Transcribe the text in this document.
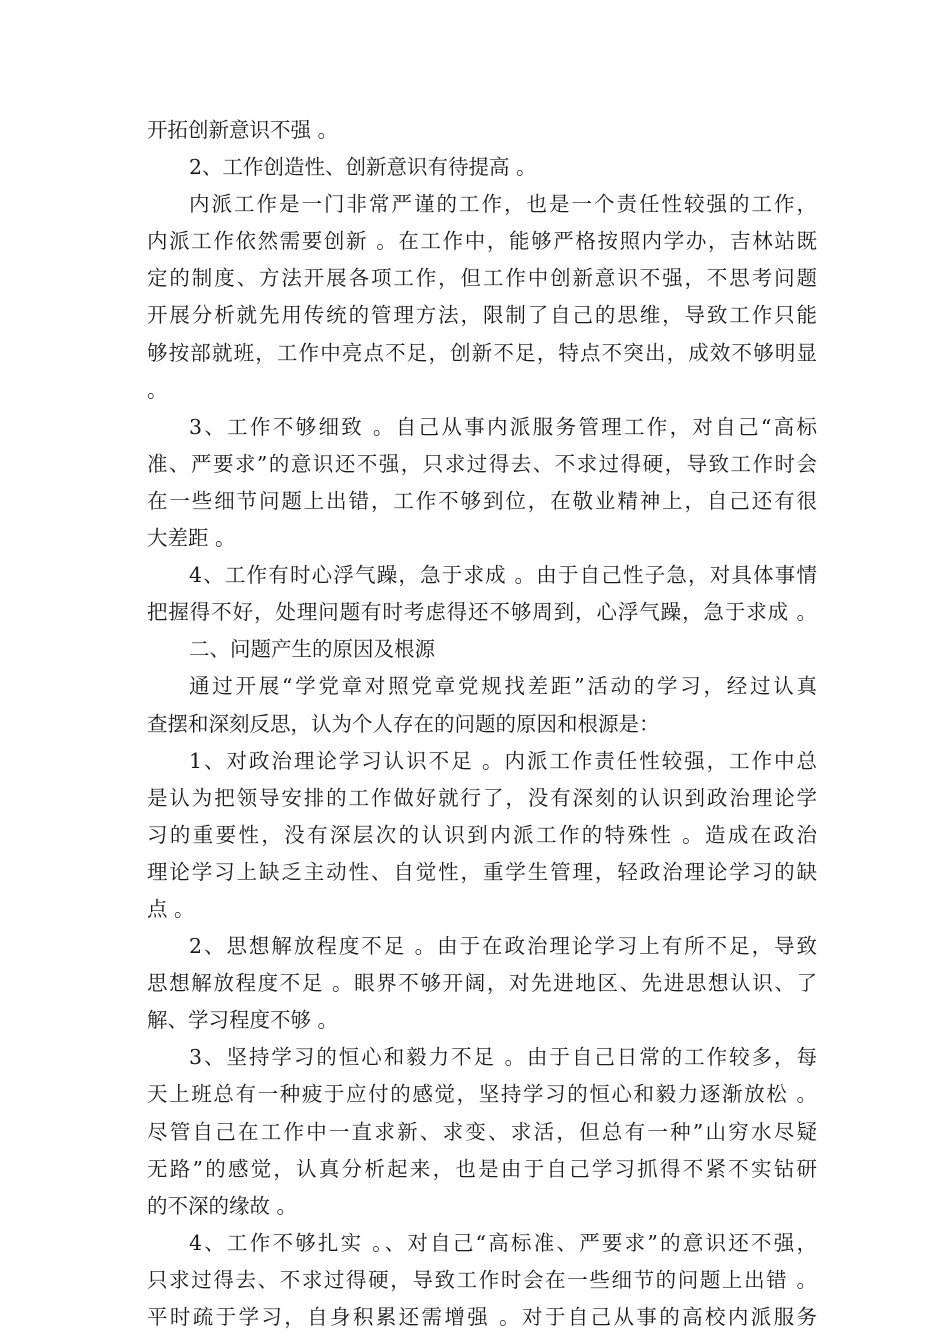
开拓创新意识不强 。
2、工作创造性、创新意识有待提高 。
内派工作是一门非常严谨的工作，也是一个责任性较强的工作，
内派工作依然需要创新 。在工作中，能够严格按照内学办，吉林站既
定的制度、方法开展各项工作，但工作中创新意识不强，不思考问题
开展分析就先用传统的管理方法，限制了自己的思维，导致工作只能
够按部就班，工作中亮点不足，创新不足，特点不突出，成效不够明显
。
3、工作不够细致 。自己从事内派服务管理工作，对自己“高标
准、严要求”的意识还不强，只求过得去、不求过得硬，导致工作时会
在一些细节问题上出错，工作不够到位，在敬业精神上，自己还有很
大差距 。
4、工作有时心浮气躁，急于求成 。由于自己性子急，对具体事情
把握得不好，处理问题有时考虑得还不够周到，心浮气躁，急于求成 。
二、问题产生的原因及根源
通过开展“学党章对照党章党规找差距”活动的学习，经过认真
查摆和深刻反思，认为个人存在的问题的原因和根源是：
1、对政治理论学习认识不足 。内派工作责任性较强，工作中总
是认为把领导安排的工作做好就行了，没有深刻的认识到政治理论学
习的重要性，没有深层次的认识到内派工作的特殊性 。造成在政治
理论学习上缺乏主动性、自觉性，重学生管理，轻政治理论学习的缺
点 。
2、思想解放程度不足 。由于在政治理论学习上有所不足，导致
思想解放程度不足 。眼界不够开阔，对先进地区、先进思想认识、了
解、学习程度不够 。
3、坚持学习的恒心和毅力不足 。由于自己日常的工作较多，每
天上班总有一种疲于应付的感觉，坚持学习的恒心和毅力逐渐放松 。
尽管自己在工作中一直求新、求变、求活，但总有一种”山穷水尽疑
无路”的感觉，认真分析起来，也是由于自己学习抓得不紧不实钻研
的不深的缘故 。
4、工作不够扎实 。、对自己“高标准、严要求”的意识还不强，
只求过得去、不求过得硬，导致工作时会在一些细节的问题上出错 。
平时疏于学习，自身积累还需增强 。对于自己从事的高校内派服务
